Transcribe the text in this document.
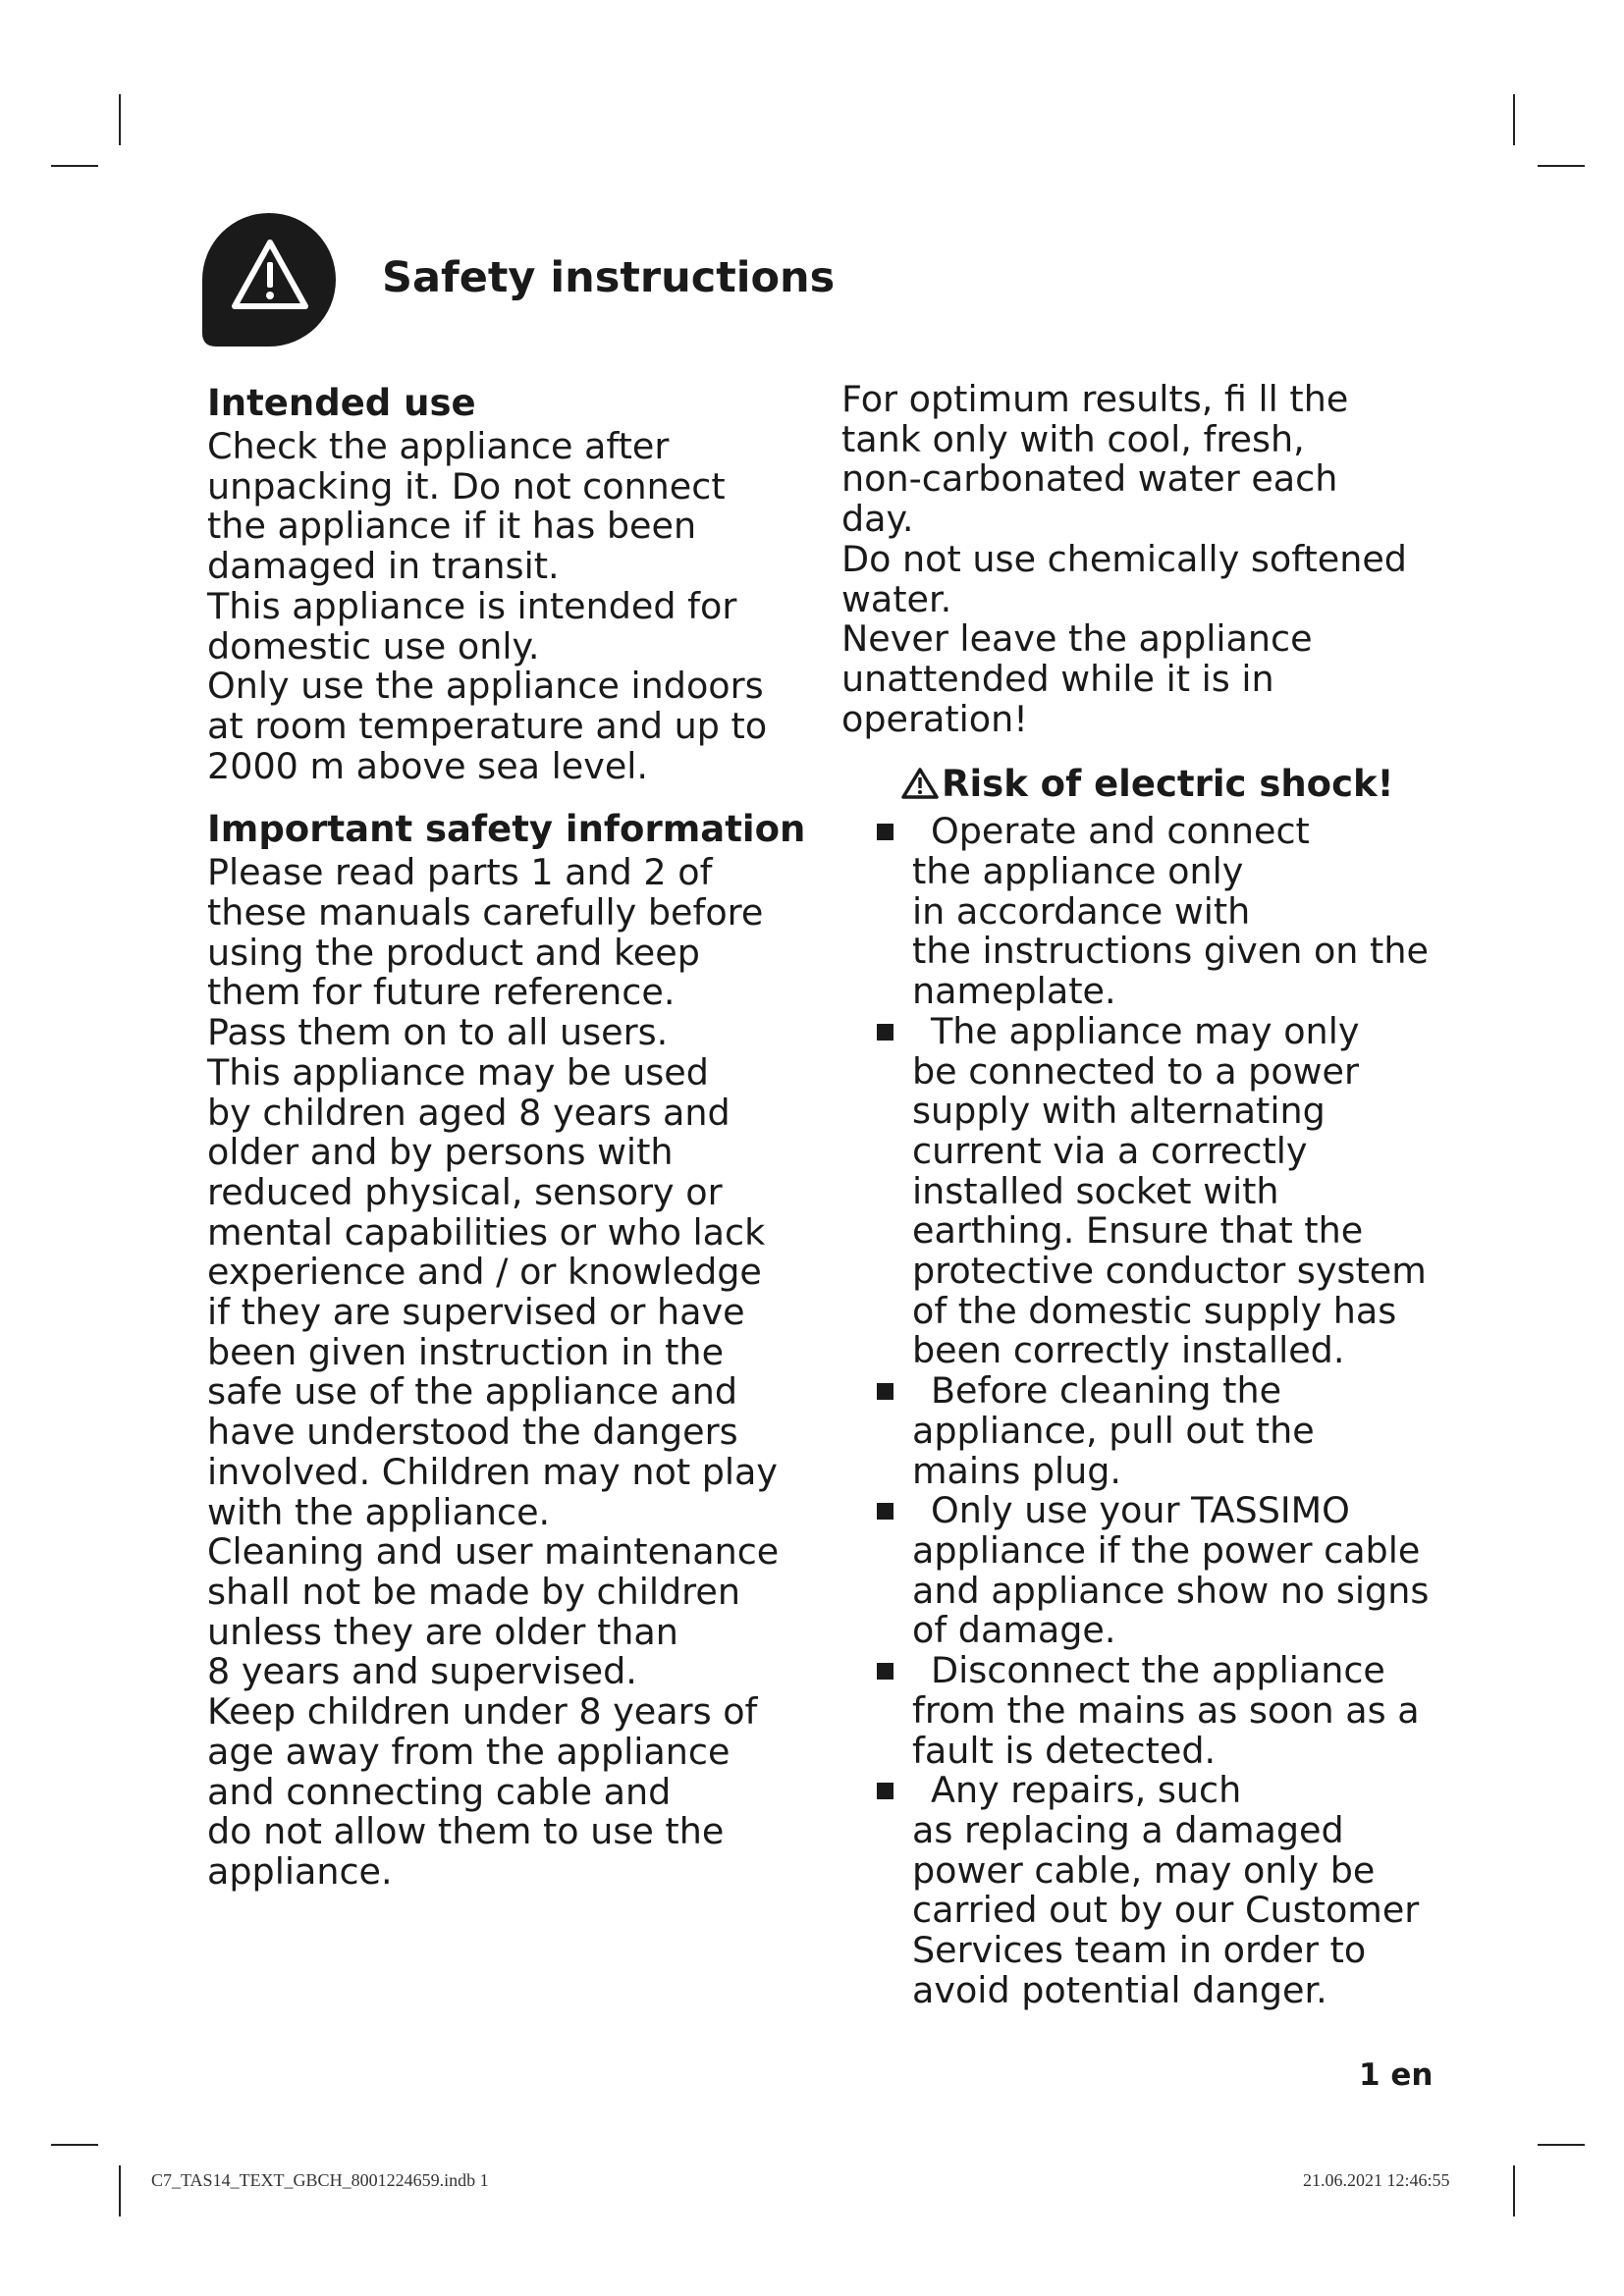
Safety instructions
Intended use
Check the appliance after
unpacking it. Do not connect
the appliance if it has been
damaged in transit.
This appliance is intended for
domestic use only.
Only use the appliance indoors
at room temperature and up to
2000 m above sea level.
Important safety information
Please read parts 1 and 2 of
these manuals carefully before
using the product and keep
them for future reference.
Pass them on to all users.
This appliance may be used
by children aged 8 years and
older and by persons with
reduced physical, sensory or
mental capabilities or who lack
experience and / or knowledge
if they are supervised or have
been given instruction in the
safe use of the appliance and
have understood the dangers
involved. Children may not play
with the appliance.
Cleaning and user maintenance
shall not be made by children
unless they are older than
8 years and supervised.
Keep children under 8 years of
age away from the appliance
and connecting cable and
do not allow them to use the
appliance.
For optimum results, fi ll the
tank only with cool, fresh,
non-carbonated water each
day.
Do not use chemically softened
water.
Never leave the appliance
unattended while it is in
operation!
Risk of electric shock!
Operate and connect
the appliance only
in accordance with
the instructions given on the
nameplate.
The appliance may only
be connected to a power
supply with alternating
current via a correctly
installed socket with
earthing. Ensure that the
protective conductor system
of the domestic supply has
been correctly installed.
Before cleaning the
appliance, pull out the
mains plug.
Only use your TASSIMO
appliance if the power cable
and appliance show no signs
of damage.
Disconnect the appliance
from the mains as soon as a
fault is detected.
Any repairs, such
as replacing a damaged
power cable, may only be
carried out by our Customer
Services team in order to
avoid potential danger.
1 en
C7_TAS14_TEXT_GBCH_8001224659.indb 1	21.06.2021 12:46:55
